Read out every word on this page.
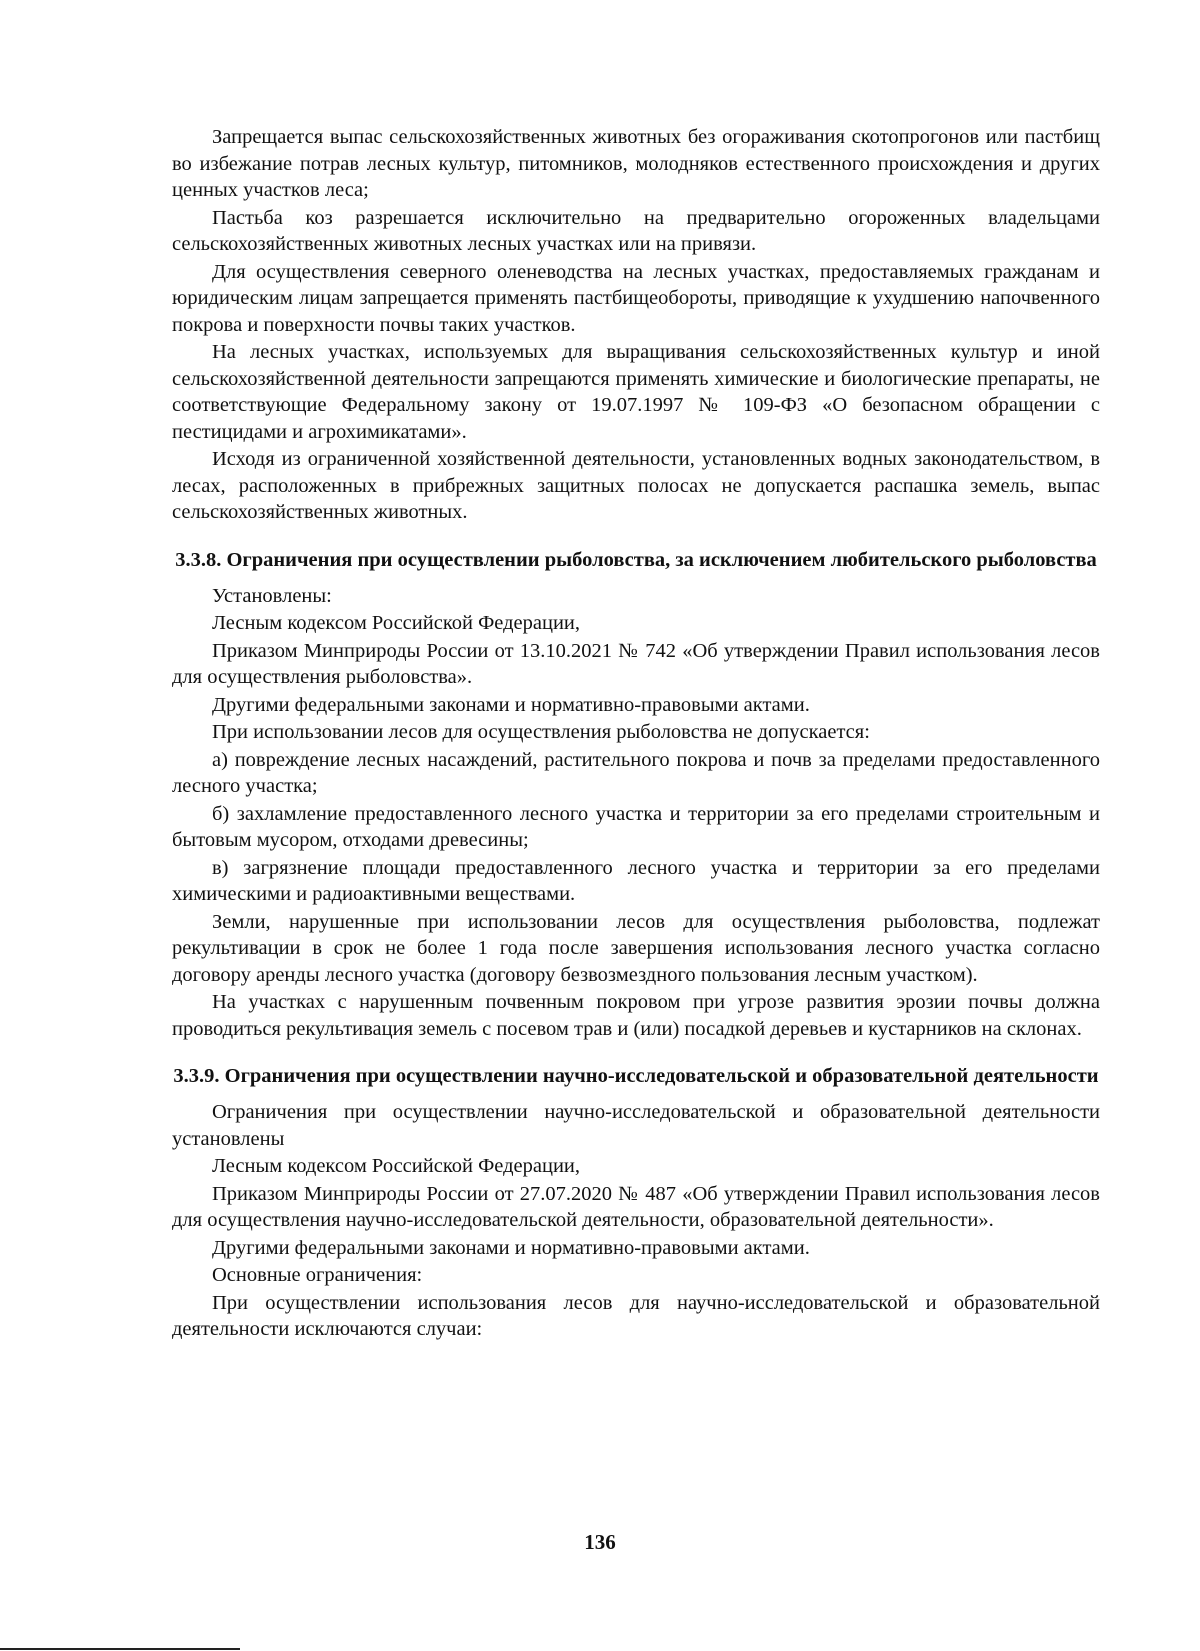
Запрещается выпас сельскохозяйственных животных без огораживания скотопрогонов или пастбищ во избежание потрав лесных культур, питомников, молодняков естественного происхождения и других ценных участков леса;

Пастьба коз разрешается исключительно на предварительно огороженных владельцами сельскохозяйственных животных лесных участках или на привязи.

Для осуществления северного оленеводства на лесных участках, предоставляемых гражданам и юридическим лицам запрещается применять пастбищеобороты, приводящие к ухудшению напочвенного покрова и поверхности почвы таких участков.

На лесных участках, используемых для выращивания сельскохозяйственных культур и иной сельскохозяйственной деятельности запрещаются применять химические и биологические препараты, не соответствующие Федеральному закону от 19.07.1997 № 109-ФЗ «О безопасном обращении с пестицидами и агрохимикатами».

Исходя из ограниченной хозяйственной деятельности, установленных водных законодательством, в лесах, расположенных в прибрежных защитных полосах не допускается распашка земель, выпас сельскохозяйственных животных.

3.3.8. Ограничения при осуществлении рыболовства, за исключением любительского рыболовства

Установлены:

Лесным кодексом Российской Федерации,

Приказом Минприроды России от 13.10.2021 № 742 «Об утверждении Правил использования лесов для осуществления рыболовства».

Другими федеральными законами и нормативно-правовыми актами.

При использовании лесов для осуществления рыболовства не допускается:

а) повреждение лесных насаждений, растительного покрова и почв за пределами предоставленного лесного участка;

б) захламление предоставленного лесного участка и территории за его пределами строительным и бытовым мусором, отходами древесины;

в) загрязнение площади предоставленного лесного участка и территории за его пределами химическими и радиоактивными веществами.

Земли, нарушенные при использовании лесов для осуществления рыболовства, подлежат рекультивации в срок не более 1 года после завершения использования лесного участка согласно договору аренды лесного участка (договору безвозмездного пользования лесным участком).

На участках с нарушенным почвенным покровом при угрозе развития эрозии почвы должна проводиться рекультивация земель с посевом трав и (или) посадкой деревьев и кустарников на склонах.

3.3.9. Ограничения при осуществлении научно-исследовательской и образовательной деятельности

Ограничения при осуществлении научно-исследовательской и образовательной деятельности установлены

Лесным кодексом Российской Федерации,

Приказом Минприроды России от 27.07.2020 № 487 «Об утверждении Правил использования лесов для осуществления научно-исследовательской деятельности, образовательной деятельности».

Другими федеральными законами и нормативно-правовыми актами.

Основные ограничения:

При осуществлении использования лесов для научно-исследовательской и образовательной деятельности исключаются случаи:

136
